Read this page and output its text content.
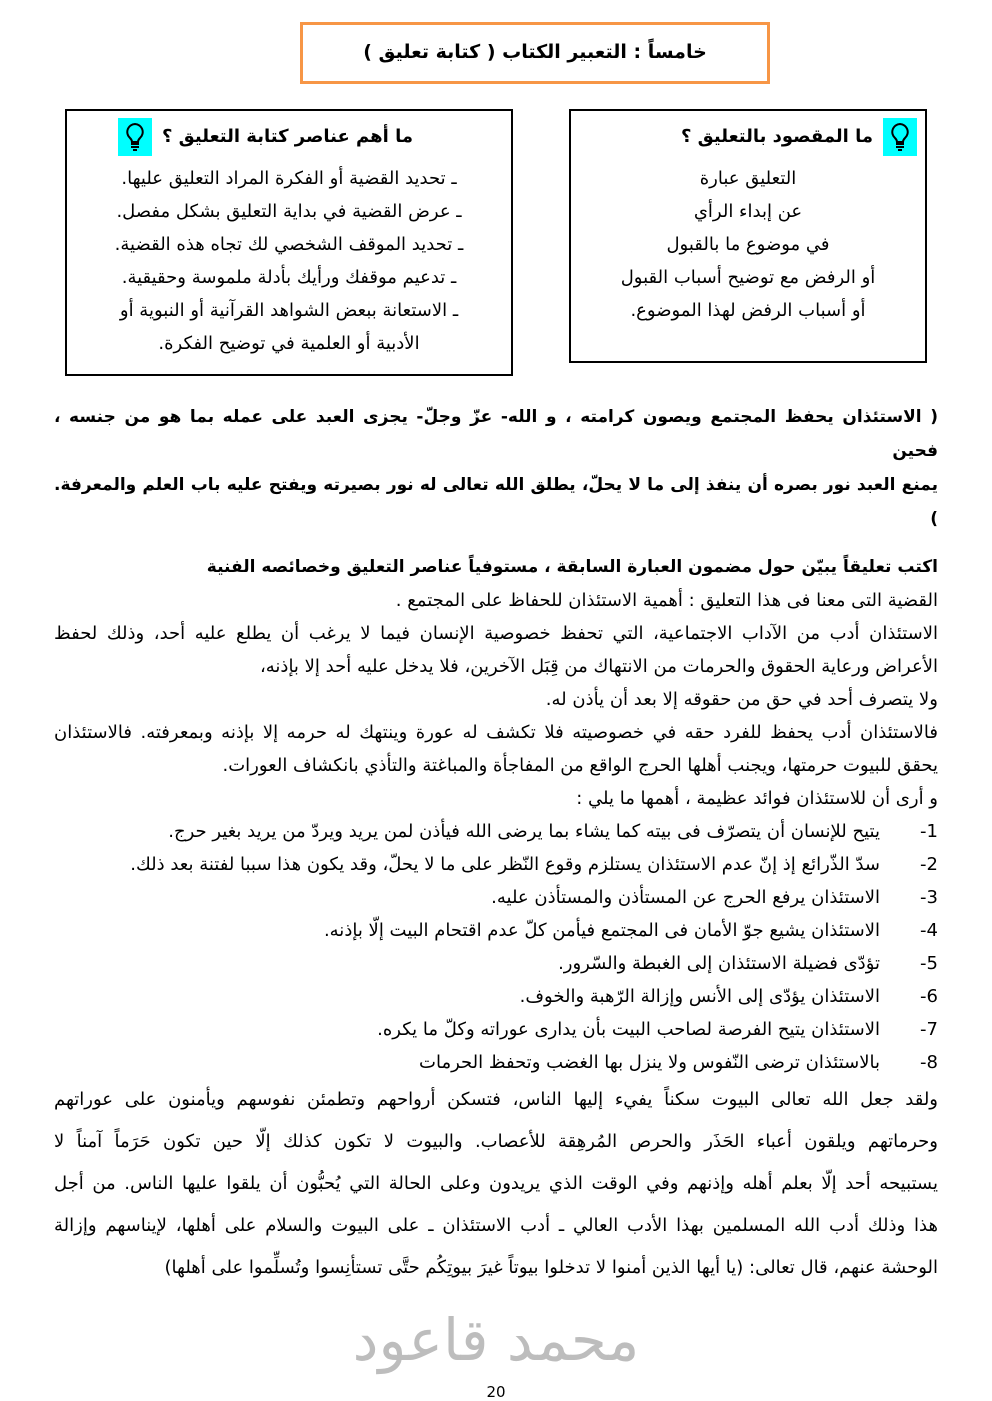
خامساً : التعبير الكتاب ( كتابة تعليق )
ما أهم عناصر كتابة التعليق ؟
ـ تحديد القضية أو الفكرة المراد التعليق عليها.
ـ عرض القضية في بداية التعليق بشكل مفصل.
ـ تحديد الموقف الشخصي لك تجاه هذه القضية.
ـ تدعيم موقفك ورأيك بأدلة ملموسة وحقيقية.
ـ الاستعانة ببعض الشواهد القرآنية أو النبوية أو
الأدبية أو العلمية في توضيح الفكرة.
ما المقصود بالتعليق ؟
التعليق عبارة
عن إبداء الرأي
في موضوع ما بالقبول
أو الرفض مع توضيح أسباب القبول
أو أسباب الرفض لهذا الموضوع.
( الاستئذان يحفظ المجتمع ويصون كرامته ، و الله- عزّ وجلّ- يجزى العبد على عمله بما هو من جنسه ، فحين
يمنع العبد نور بصره أن ينفذ إلى ما لا يحلّ، يطلق الله تعالى له نور بصيرته ويفتح عليه باب العلم والمعرفة. )
اكتب تعليقاً يبيّن حول مضمون العبارة السابقة ، مستوفياً عناصر التعليق وخصائصه الفنية
القضية التى معنا فى هذا التعليق : أهمية الاستئذان للحفاظ على المجتمع .
الاستئذان أدب من الآداب الاجتماعية، التي تحفظ خصوصية الإنسان فيما لا يرغب أن يطلع عليه أحد، وذلك لحفظ
الأعراض ورعاية الحقوق والحرمات من الانتهاك من قِبَل الآخرين، فلا يدخل عليه أحد إلا بإذنه،
ولا يتصرف أحد في حق من حقوقه إلا بعد أن يأذن له.
فالاستئذان أدب يحفظ للفرد حقه في خصوصيته فلا تكشف له عورة وينتهك له حرمه إلا بإذنه وبمعرفته. فالاستئذان
يحقق للبيوت حرمتها، ويجنب أهلها الحرج الواقع من المفاجأة والمباغتة والتأذي بانكشاف العورات.
و أرى أن للاستئذان فوائد عظيمة ، أهمها ما يلي :
-1
يتيح للإنسان أن يتصرّف فى بيته كما يشاء بما يرضى الله فيأذن لمن يريد ويردّ من يريد بغير حرج.
-2
سدّ الذّرائع إذ إنّ عدم الاستئذان يستلزم وقوع النّظر على ما لا يحلّ، وقد يكون هذا سببا لفتنة بعد ذلك.
-3
الاستئذان يرفع الحرج عن المستأذن والمستأذن عليه.
-4
الاستئذان يشيع جوّ الأمان فى المجتمع فيأمن كلّ عدم اقتحام البيت إلّا بإذنه.
-5
تؤدّى فضيلة الاستئذان إلى الغبطة والسّرور.
-6
الاستئذان يؤدّى إلى الأنس وإزالة الرّهبة والخوف.
-7
الاستئذان يتيح الفرصة لصاحب البيت بأن يدارى عوراته وكلّ ما يكره.
-8
بالاستئذان ترضى النّفوس ولا ينزل بها الغضب وتحفظ الحرمات
ولقد جعل الله تعالى البيوت سكناً يفيء إليها الناس، فتسكن أرواحهم وتطمئن نفوسهم ويأمنون على عوراتهم
وحرماتهم ويلقون أعباء الحَذَر والحرص المُرهِقة للأعصاب. والبيوت لا تكون كذلك إلّا حين تكون حَرَماً آمناً لا
يستبيحه أحد إلّا بعلم أهله وإذنهم وفي الوقت الذي يريدون وعلى الحالة التي يُحبُّون أن يلقوا عليها الناس. من أجل
هذا وذلك أدب الله المسلمين بهذا الأدب العالي ـ أدب الاستئذان ـ على البيوت والسلام على أهلها، لإيناسهم وإزالة
الوحشة عنهم، قال تعالى: (يا أيها الذين أمنوا لا تدخلوا بيوتاً غيرَ بيوتِكُم حتَّى تستأنِسوا وتُسلِّموا على أهلها)
محمد قاعود
20
